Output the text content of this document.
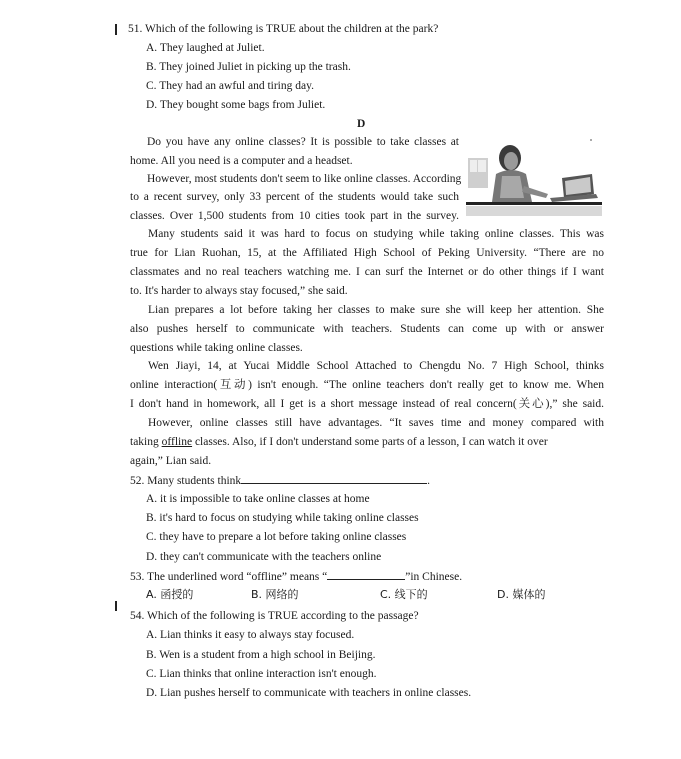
51. Which of the following is TRUE about the children at the park?
A. They laughed at Juliet.
B. They joined Juliet in picking up the trash.
C. They had an awful and tiring day.
D. They bought some bags from Juliet.
D
Do you have any online classes? It is possible to take classes at
home. All you need is a computer and a headset.
However, most students don't seem to like online classes. According
to a recent survey, only 33 percent of the students would take such
classes. Over 1,500 students from 10 cities took part in the survey.
Many students said it was hard to focus on studying while taking online classes. This was
true for Lian Ruohan, 15, at the Affiliated High School of Peking University. “There are no
classmates and no real teachers watching me. I can surf the Internet or do other things if I want
to. It's harder to always stay focused,” she said.
Lian prepares a lot before taking her classes to make sure she will keep her attention. She
also pushes herself to communicate with teachers. Students can come up with or answer
questions while taking online classes.
Wen Jiayi, 14, at Yucai Middle School Attached to Chengdu No. 7 High School, thinks
online interaction(互动) isn't enough. “The online teachers don't really get to know me. When
I don't hand in homework, all I get is a short message instead of real concern(关心),” she said.
However, online classes still have advantages. “It saves time and money compared with
taking offline classes. Also, if I don't understand some parts of a lesson, I can watch it over
again,” Lian said.
52. Many students think	.
A. it is impossible to take online classes at home
B. it's hard to focus on studying while taking online classes
C. they have to prepare a lot before taking online classes
D. they can't communicate with the teachers online
53. The underlined word “offline” means “	”in Chinese.
A. 函授的	B. 网络的	C. 线下的	D. 媒体的
54. Which of the following is TRUE according to the passage?
A. Lian thinks it easy to always stay focused.
B. Wen is a student from a high school in Beijing.
C. Lian thinks that online interaction isn't enough.
D. Lian pushes herself to communicate with teachers in online classes.
